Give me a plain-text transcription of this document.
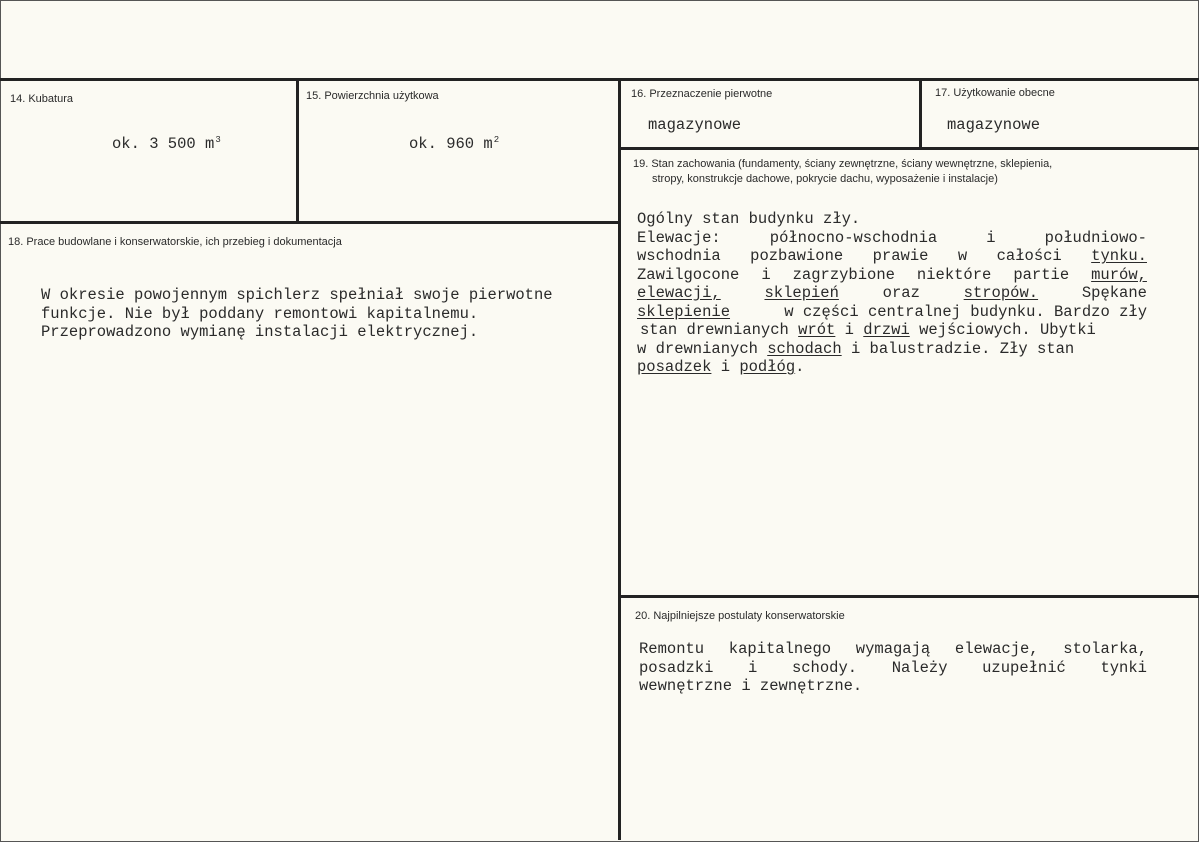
14. Kubatura
ok. 3 500 $m^3$
15. Powierzchnia użytkowa
ok. 960 $m^2$
16. Przeznaczenie pierwotne
magazynowe
17. Użytkowanie obecne
magazynowe
18. Prace budowlane i konserwatorskie, ich przebieg i dokumentacja
W okresie powojennym spichlerz spełniał swoje pierwotne
funkcje. Nie był poddany remontowi kapitalnemu.
Przeprowadzono wymianę instalacji elektrycznej.
19. Stan zachowania (fundamenty, ściany zewnętrzne, ściany wewnętrzne, sklepienia,
stropy, konstrukcje dachowe, pokrycie dachu, wyposażenie i instalacje)
Ogólny stan budynku zły.
Elewacje:	północno-wschodnia	i	południowo-
wschodnia pozbawione prawie w całości tynku.
Zawilgocone i zagrzybione niektóre partie murów,
elewacji,	sklepień	oraz	stropów.	Spękane
sklepienie	w części centralnej budynku. Bardzo zły
stan drewnianych wrót i drzwi wejściowych. Ubytki
w drewnianych schodach i balustradzie. Zły stan
posadzek i podłóg.
20. Najpilniejsze postulaty konserwatorskie
Remontu kapitalnego wymagają elewacje, stolarka,
posadzki i schody. Należy uzupełnić tynki
wewnętrzne i zewnętrzne.
